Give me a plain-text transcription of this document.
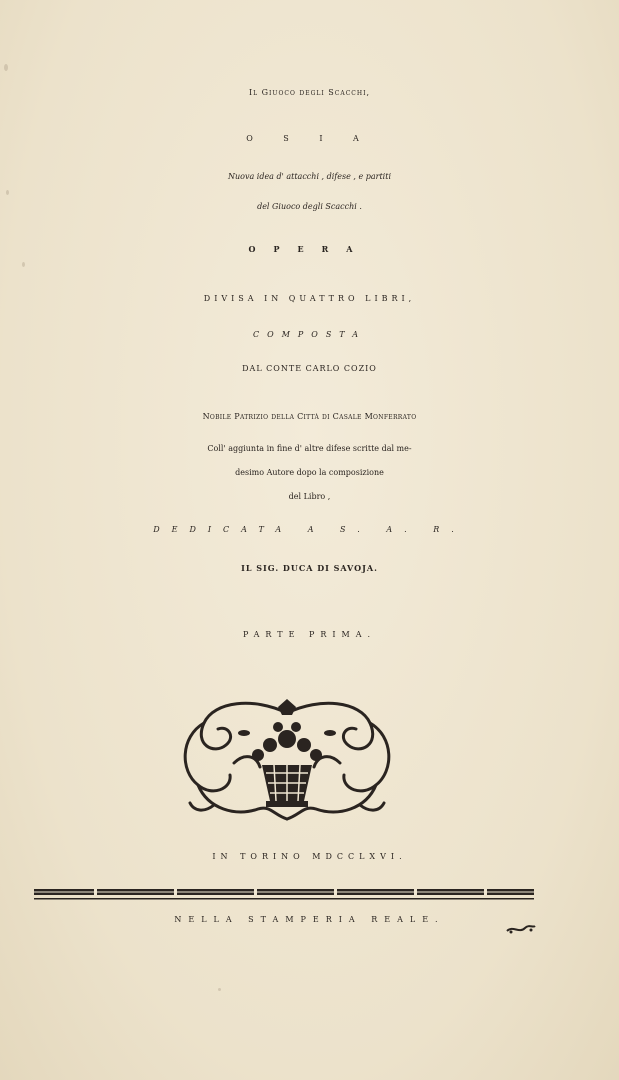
Il Giuoco degli Scacchi,
O S I A
Nuova idea d' attacchi , difese , e partiti
del Giuoco degli Scacchi .
OPERA
DIVISA IN QUATTRO LIBRI,
COMPOSTA
DAL CONTE CARLO COZIO
Nobile Patrizio della Città di Casale Monferrato
Coll' aggiunta in fine d' altre difese scritte dal me-
desimo Autore dopo la composizione
del Libro ,
DEDICATA A S. A. R.
IL SIG. DUCA DI SAVOJA.
PARTE PRIMA.
IN TORINO MDCCLXVI.
NELLA STAMPERIA REALE.
